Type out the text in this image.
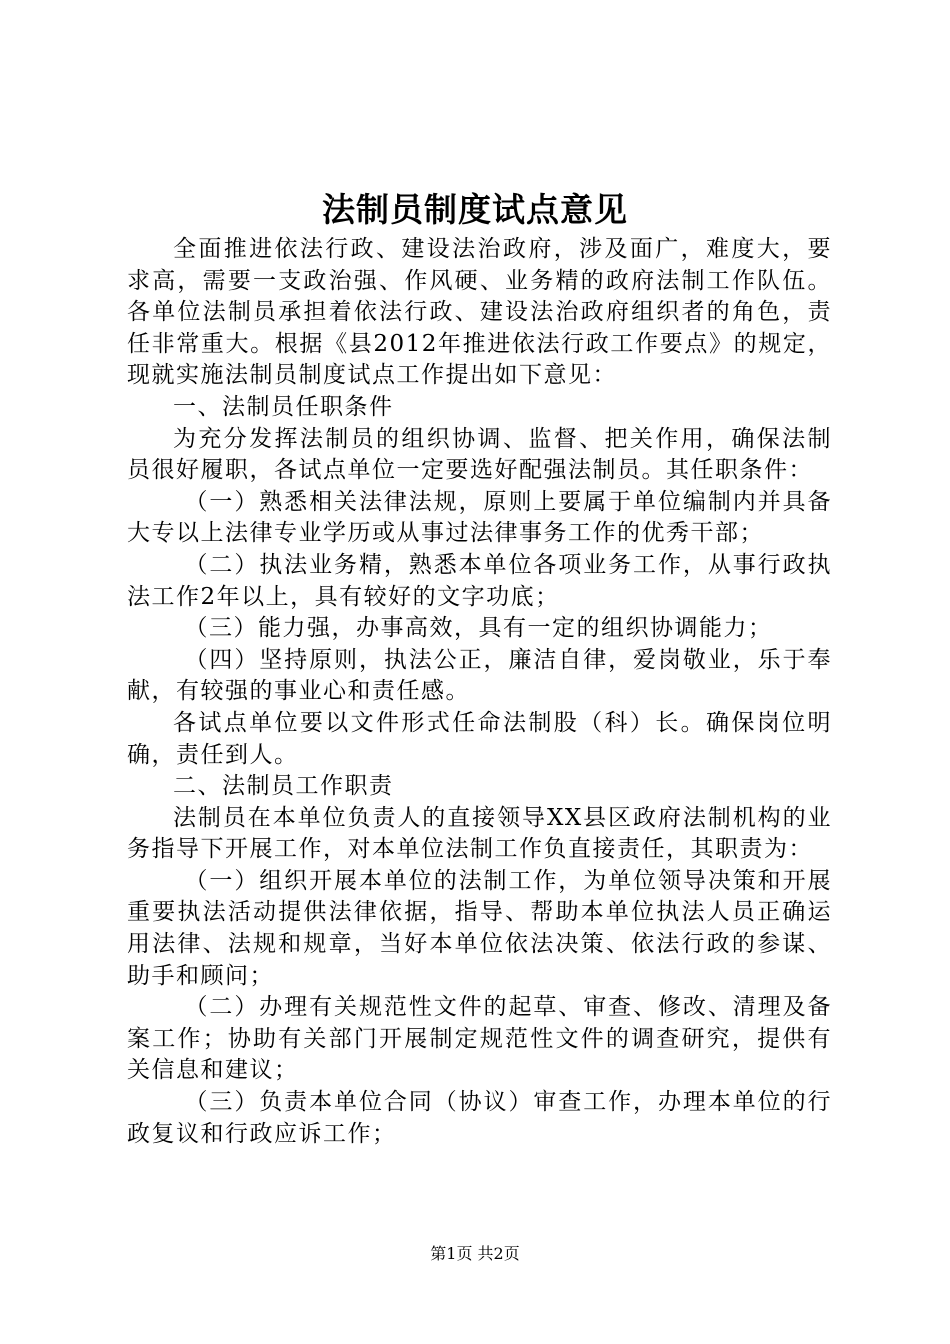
法制员制度试点意见

全面推进依法行政、建设法治政府，涉及面广，难度大，要求高，需要一支政治强、作风硬、业务精的政府法制工作队伍。各单位法制员承担着依法行政、建设法治政府组织者的角色，责任非常重大。根据《县2012年推进依法行政工作要点》的规定，现就实施法制员制度试点工作提出如下意见：

一、法制员任职条件

为充分发挥法制员的组织协调、监督、把关作用，确保法制员很好履职，各试点单位一定要选好配强法制员。其任职条件：

（一）熟悉相关法律法规，原则上要属于单位编制内并具备大专以上法律专业学历或从事过法律事务工作的优秀干部；

（二）执法业务精，熟悉本单位各项业务工作，从事行政执法工作2年以上，具有较好的文字功底；

（三）能力强，办事高效，具有一定的组织协调能力；

（四）坚持原则，执法公正，廉洁自律，爱岗敬业，乐于奉献，有较强的事业心和责任感。

各试点单位要以文件形式任命法制股（科）长。确保岗位明确，责任到人。

二、法制员工作职责

法制员在本单位负责人的直接领导XX县区政府法制机构的业务指导下开展工作，对本单位法制工作负直接责任，其职责为：

（一）组织开展本单位的法制工作，为单位领导决策和开展重要执法活动提供法律依据，指导、帮助本单位执法人员正确运用法律、法规和规章，当好本单位依法决策、依法行政的参谋、助手和顾问；

（二）办理有关规范性文件的起草、审查、修改、清理及备案工作；协助有关部门开展制定规范性文件的调查研究，提供有关信息和建议；

（三）负责本单位合同（协议）审查工作，办理本单位的行政复议和行政应诉工作；

第1页 共2页
